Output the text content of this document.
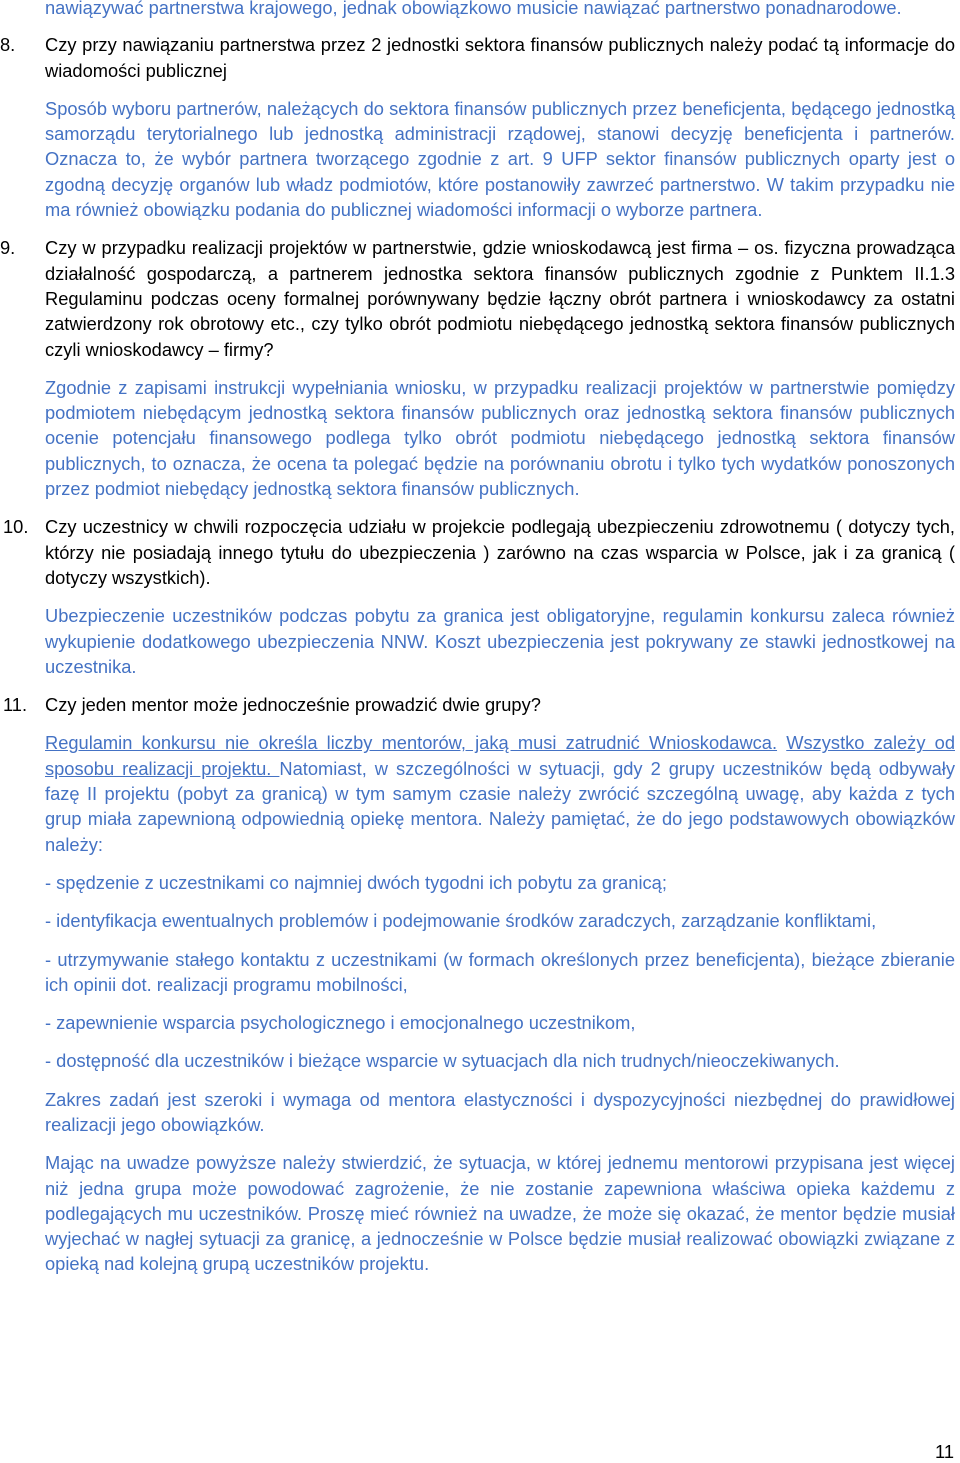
nawiązywać partnerstwa krajowego, jednak obowiązkowo musicie nawiązać partnerstwo ponadnarodowe.

8. Czy przy nawiązaniu partnerstwa przez 2 jednostki sektora finansów publicznych należy podać tą informacje do wiadomości publicznej

Sposób wyboru partnerów, należących do sektora finansów publicznych przez beneficjenta, będącego jednostką samorządu terytorialnego lub jednostką administracji rządowej, stanowi decyzję beneficjenta i partnerów. Oznacza to, że wybór partnera tworzącego zgodnie z art. 9 UFP sektor finansów publicznych oparty jest o zgodną decyzję organów lub władz podmiotów, które postanowiły zawrzeć partnerstwo. W takim przypadku nie ma również obowiązku podania do publicznej wiadomości informacji o wyborze partnera.

9. Czy w przypadku realizacji projektów w partnerstwie, gdzie wnioskodawcą jest firma – os. fizyczna prowadząca działalność gospodarczą, a partnerem jednostka sektora finansów publicznych zgodnie z Punktem II.1.3 Regulaminu podczas oceny formalnej porównywany będzie łączny obrót partnera i wnioskodawcy za ostatni zatwierdzony rok obrotowy etc., czy tylko obrót podmiotu niebędącego jednostką sektora finansów publicznych czyli wnioskodawcy – firmy?

Zgodnie z zapisami instrukcji wypełniania wniosku, w przypadku realizacji projektów w partnerstwie pomiędzy podmiotem niebędącym jednostką sektora finansów publicznych oraz jednostką sektora finansów publicznych ocenie potencjału finansowego podlega tylko obrót podmiotu niebędącego jednostką sektora finansów publicznych, to oznacza, że ocena ta polegać będzie na porównaniu obrotu i tylko tych wydatków ponoszonych przez podmiot niebędący jednostką sektora finansów publicznych.

10. Czy uczestnicy w chwili rozpoczęcia udziału w projekcie podlegają ubezpieczeniu zdrowotnemu ( dotyczy tych, którzy nie posiadają innego tytułu do ubezpieczenia ) zarówno na czas wsparcia w Polsce, jak i za granicą ( dotyczy wszystkich).

Ubezpieczenie uczestników podczas pobytu za granica jest obligatoryjne, regulamin konkursu zaleca również wykupienie dodatkowego ubezpieczenia NNW. Koszt ubezpieczenia jest pokrywany ze stawki jednostkowej na uczestnika.

11. Czy jeden mentor może jednocześnie prowadzić dwie grupy?

Regulamin konkursu nie określa liczby mentorów, jaką musi zatrudnić Wnioskodawca. Wszystko zależy od sposobu realizacji projektu. Natomiast, w szczególności w sytuacji, gdy 2 grupy uczestników będą odbywały fazę II projektu (pobyt za granicą) w tym samym czasie należy zwrócić szczególną uwagę, aby każda z tych grup miała zapewnioną odpowiednią opiekę mentora. Należy pamiętać, że do jego podstawowych obowiązków należy:

- spędzenie z uczestnikami co najmniej dwóch tygodni ich pobytu za granicą;

- identyfikacja ewentualnych problemów i podejmowanie środków zaradczych, zarządzanie konfliktami,

- utrzymywanie stałego kontaktu z uczestnikami (w formach określonych przez beneficjenta), bieżące zbieranie ich opinii dot. realizacji programu mobilności,

- zapewnienie wsparcia psychologicznego i emocjonalnego uczestnikom,

- dostępność dla uczestników i bieżące wsparcie w sytuacjach dla nich trudnych/nieoczekiwanych.

Zakres zadań jest szeroki i wymaga od mentora elastyczności i dyspozycyjności niezbędnej do prawidłowej realizacji jego obowiązków.

Mając na uwadze powyższe należy stwierdzić, że sytuacja, w której jednemu mentorowi przypisana jest więcej niż jedna grupa może powodować zagrożenie, że nie zostanie zapewniona właściwa opieka każdemu z podlegających mu uczestników. Proszę mieć również na uwadze, że może się okazać, że mentor będzie musiał wyjechać w nagłej sytuacji za granicę, a jednocześnie w Polsce będzie musiał realizować obowiązki związane z opieką nad kolejną grupą uczestników projektu.

11
